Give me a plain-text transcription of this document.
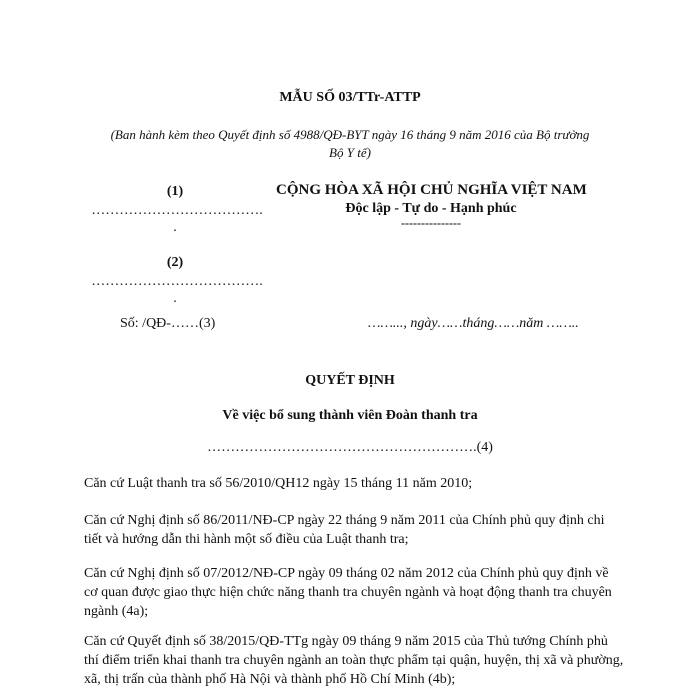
MẪU SỐ 03/TTr-ATTP
(Ban hành kèm theo Quyết định số 4988/QĐ-BYT ngày 16 tháng 9 năm 2016 của Bộ trưởng Bộ Y tế)
(1)
……………………………….
.
(2)
……………………………….
.
CỘNG HÒA XÃ HỘI CHỦ NGHĨA VIỆT NAM
Độc lập - Tự do - Hạnh phúc
---------------
Số: /QĐ-……(3)	……..., ngày……tháng……năm ……..
QUYẾT ĐỊNH
Về việc bổ sung thành viên Đoàn thanh tra
………………………………………………….(4)
Căn cứ Luật thanh tra số 56/2010/QH12 ngày 15 tháng 11 năm 2010;
Căn cứ Nghị định số 86/2011/NĐ-CP ngày 22 tháng 9 năm 2011 của Chính phủ quy định chi tiết và hướng dẫn thi hành một số điều của Luật thanh tra;
Căn cứ Nghị định số 07/2012/NĐ-CP ngày 09 tháng 02 năm 2012 của Chính phủ quy định về cơ quan được giao thực hiện chức năng thanh tra chuyên ngành và hoạt động thanh tra chuyên ngành (4a);
Căn cứ Quyết định số 38/2015/QĐ-TTg ngày 09 tháng 9 năm 2015 của Thủ tướng Chính phủ thí điểm triển khai thanh tra chuyên ngành an toàn thực phẩm tại quận, huyện, thị xã và phường, xã, thị trấn của thành phố Hà Nội và thành phố Hồ Chí Minh (4b);
